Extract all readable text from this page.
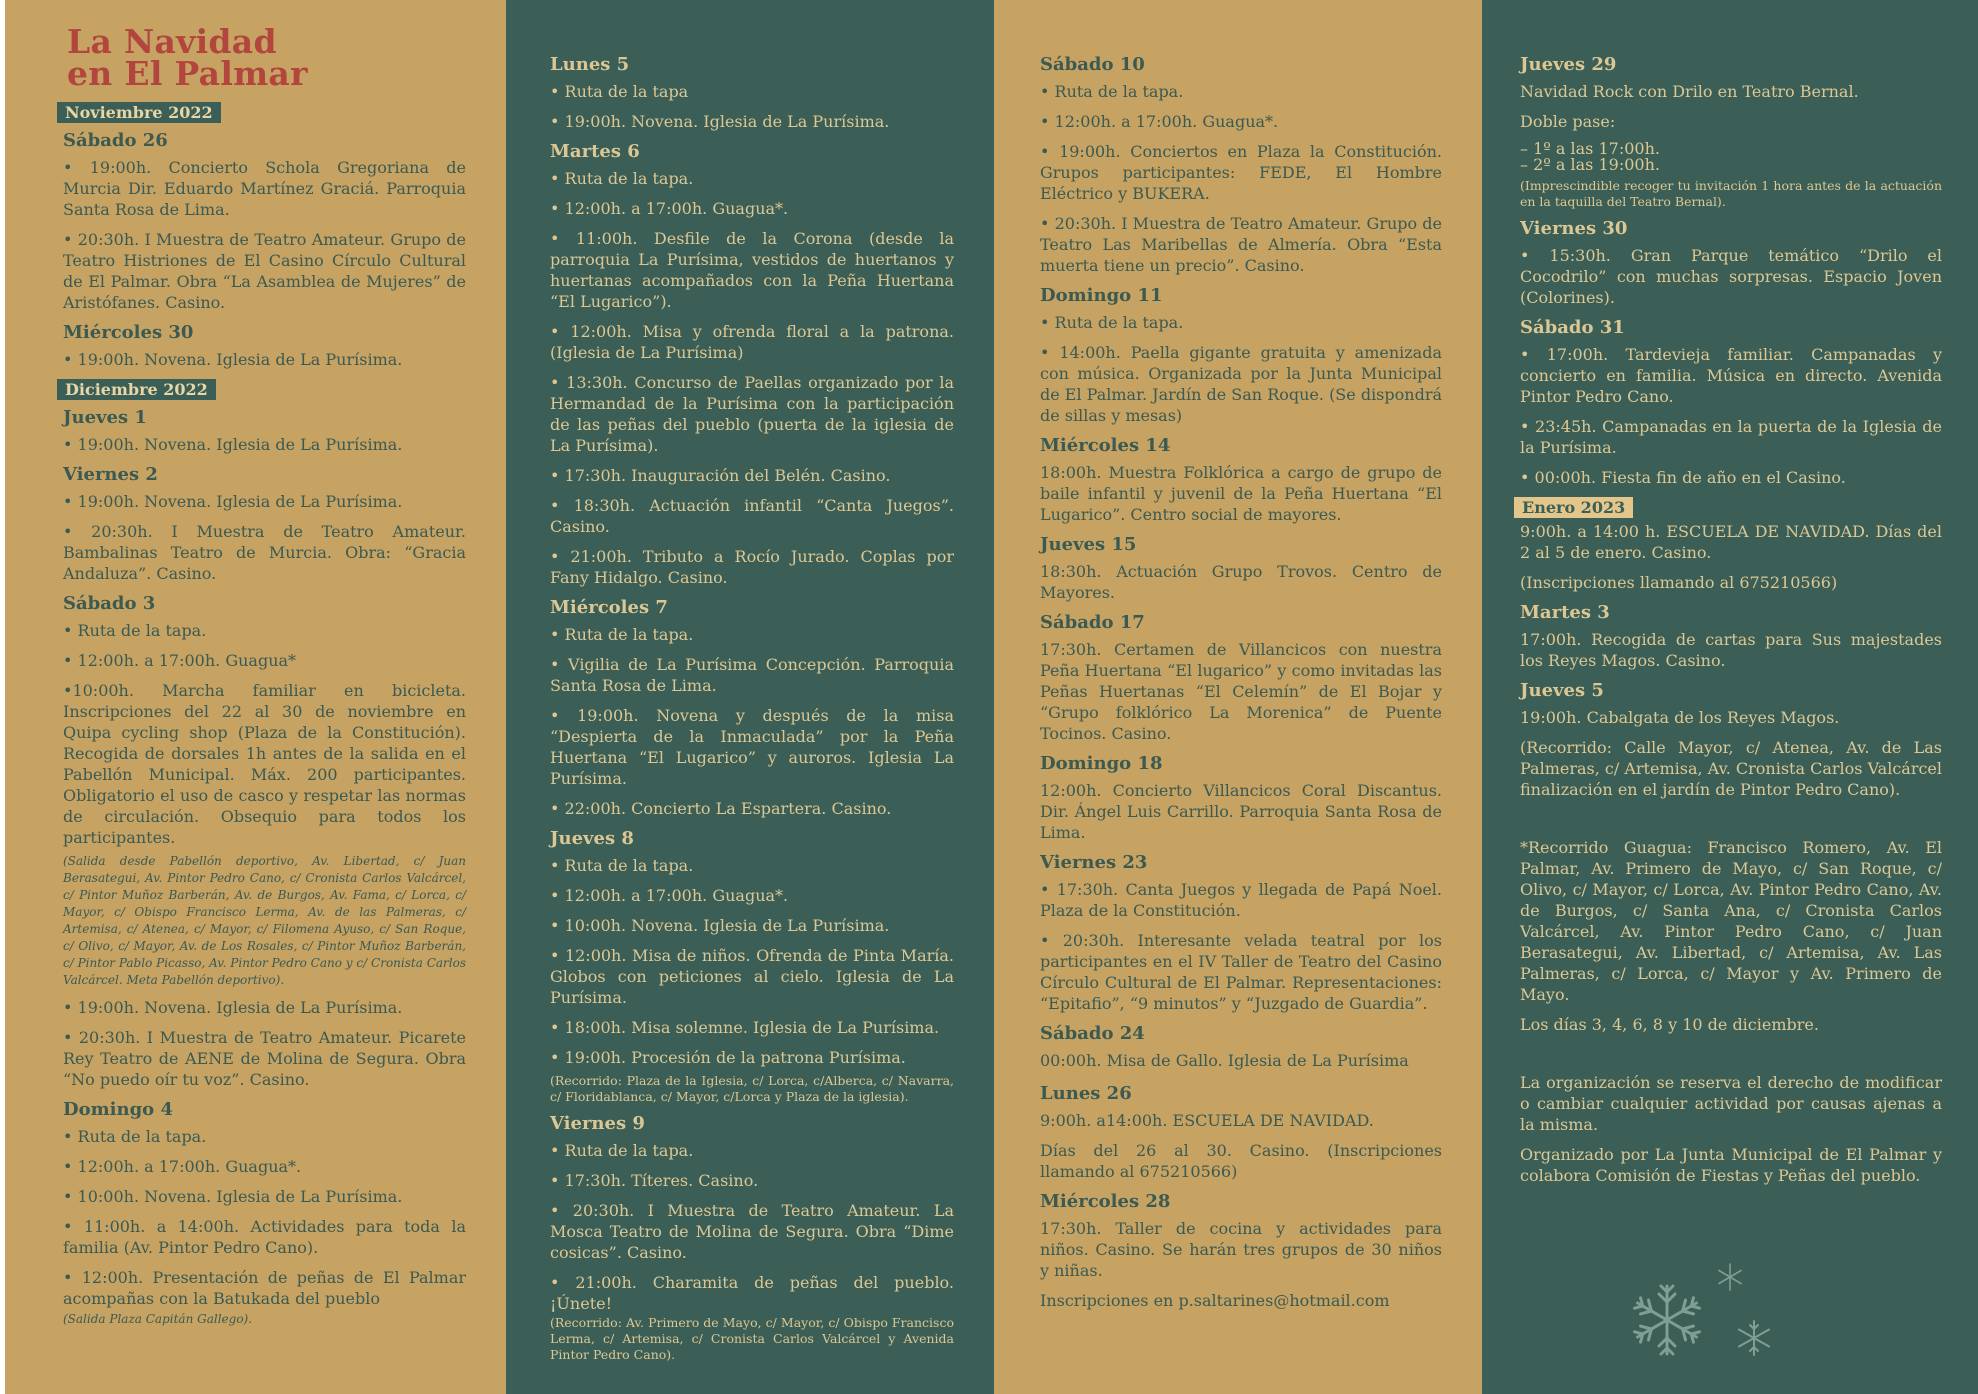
La Navidad
en El Palmar
Noviembre 2022
Sábado 26
• 19:00h. Concierto Schola Gregoriana de Murcia Dir. Eduardo Martínez Graciá. Parroquia Santa Rosa de Lima.
• 20:30h. I Muestra de Teatro Amateur. Grupo de Teatro Histriones de El Casino Círculo Cultural de El Palmar. Obra “La Asamblea de Mujeres” de Aristófanes. Casino.
Miércoles 30
• 19:00h. Novena. Iglesia de La Purísima.
Diciembre 2022
Jueves 1
• 19:00h. Novena. Iglesia de La Purísima.
Viernes 2
• 19:00h. Novena. Iglesia de La Purísima.
• 20:30h. I Muestra de Teatro Amateur. Bambalinas Teatro de Murcia. Obra: “Gracia Andaluza”. Casino.
Sábado 3
• Ruta de la tapa.
• 12:00h. a 17:00h. Guagua*
•10:00h. Marcha familiar en bicicleta. Inscripciones del 22 al 30 de noviembre en Quipa cycling shop (Plaza de la Constitución). Recogida de dorsales 1h antes de la salida en el Pabellón Municipal. Máx. 200 participantes. Obligatorio el uso de casco y respetar las normas de circulación. Obsequio para todos los participantes.
(Salida desde Pabellón deportivo, Av. Libertad, c/ Juan Berasategui, Av. Pintor Pedro Cano, c/ Cronista Carlos Valcárcel, c/ Pintor Muñoz Barberán, Av. de Burgos, Av. Fama, c/ Lorca, c/ Mayor, c/ Obispo Francisco Lerma, Av. de las Palmeras, c/ Artemisa, c/ Atenea, c/ Mayor, c/ Filomena Ayuso, c/ San Roque, c/ Olivo, c/ Mayor, Av. de Los Rosales, c/ Pintor Muñoz Barberán, c/ Pintor Pablo Picasso, Av. Pintor Pedro Cano y c/ Cronista Carlos Valcárcel. Meta Pabellón deportivo).
• 19:00h. Novena. Iglesia de La Purísima.
• 20:30h. I Muestra de Teatro Amateur. Picarete Rey Teatro de AENE de Molina de Segura. Obra “No puedo oír tu voz”. Casino.
Domingo 4
• Ruta de la tapa.
• 12:00h. a 17:00h. Guagua*.
• 10:00h. Novena. Iglesia de La Purísima.
• 11:00h. a 14:00h. Actividades para toda la familia (Av. Pintor Pedro Cano).
• 12:00h. Presentación de peñas de El Palmar acompañas con la Batukada del pueblo
(Salida Plaza Capitán Gallego).
Lunes 5
• Ruta de la tapa
• 19:00h. Novena. Iglesia de La Purísima.
Martes 6
• Ruta de la tapa.
• 12:00h. a 17:00h. Guagua*.
• 11:00h. Desfile de la Corona (desde la parroquia La Purísima, vestidos de huertanos y huertanas acompañados con la Peña Huertana “El Lugarico”).
• 12:00h. Misa y ofrenda floral a la patrona. (Iglesia de La Purísima)
• 13:30h. Concurso de Paellas organizado por la Hermandad de la Purísima con la participación de las peñas del pueblo (puerta de la iglesia de La Purísima).
• 17:30h. Inauguración del Belén. Casino.
• 18:30h. Actuación infantil “Canta Juegos”. Casino.
• 21:00h. Tributo a Rocío Jurado. Coplas por Fany Hidalgo. Casino.
Miércoles 7
• Ruta de la tapa.
• Vigilia de La Purísima Concepción. Parroquia Santa Rosa de Lima.
• 19:00h. Novena y después de la misa “Despierta de la Inmaculada” por la Peña Huertana “El Lugarico” y auroros. Iglesia La Purísima.
• 22:00h. Concierto La Espartera. Casino.
Jueves 8
• Ruta de la tapa.
• 12:00h. a 17:00h. Guagua*.
• 10:00h. Novena. Iglesia de La Purísima.
• 12:00h. Misa de niños. Ofrenda de Pinta María. Globos con peticiones al cielo. Iglesia de La Purísima.
• 18:00h. Misa solemne. Iglesia de La Purísima.
• 19:00h. Procesión de la patrona Purísima.
(Recorrido: Plaza de la Iglesia, c/ Lorca, c/Alberca, c/ Navarra, c/ Floridablanca, c/ Mayor, c/Lorca y Plaza de la iglesia).
Viernes 9
• Ruta de la tapa.
• 17:30h. Títeres. Casino.
• 20:30h. I Muestra de Teatro Amateur. La Mosca Teatro de Molina de Segura. Obra “Dime cosicas”. Casino.
• 21:00h. Charamita de peñas del pueblo. ¡Únete!
(Recorrido: Av. Primero de Mayo, c/ Mayor, c/ Obispo Francisco Lerma, c/ Artemisa, c/ Cronista Carlos Valcárcel y Avenida Pintor Pedro Cano).
Sábado 10
• Ruta de la tapa.
• 12:00h. a 17:00h. Guagua*.
• 19:00h. Conciertos en Plaza la Constitución. Grupos participantes: FEDE, El Hombre Eléctrico y BUKERA.
• 20:30h. I Muestra de Teatro Amateur. Grupo de Teatro Las Maribellas de Almería. Obra “Esta muerta tiene un precio”. Casino.
Domingo 11
• Ruta de la tapa.
• 14:00h. Paella gigante gratuita y amenizada con música. Organizada por la Junta Municipal de El Palmar. Jardín de San Roque. (Se dispondrá de sillas y mesas)
Miércoles 14
18:00h. Muestra Folklórica a cargo de grupo de baile infantil y juvenil de la Peña Huertana “El Lugarico”. Centro social de mayores.
Jueves 15
18:30h. Actuación Grupo Trovos. Centro de Mayores.
Sábado 17
17:30h. Certamen de Villancicos con nuestra Peña Huertana “El lugarico” y como invitadas las Peñas Huertanas “El Celemín” de El Bojar y “Grupo folklórico La Morenica” de Puente Tocinos. Casino.
Domingo 18
12:00h. Concierto Villancicos Coral Discantus. Dir. Ángel Luis Carrillo. Parroquia Santa Rosa de Lima.
Viernes 23
• 17:30h. Canta Juegos y llegada de Papá Noel. Plaza de la Constitución.
• 20:30h. Interesante velada teatral por los participantes en el IV Taller de Teatro del Casino Círculo Cultural de El Palmar. Representaciones: “Epitafio”, “9 minutos” y “Juzgado de Guardia”.
Sábado 24
00:00h. Misa de Gallo. Iglesia de La Purísima
Lunes 26
9:00h. a14:00h. ESCUELA DE NAVIDAD.
Días del 26 al 30. Casino. (Inscripciones llamando al 675210566)
Miércoles 28
17:30h. Taller de cocina y actividades para niños. Casino. Se harán tres grupos de 30 niños y niñas.
Inscripciones en p.saltarines@hotmail.com
Jueves 29
Navidad Rock con Drilo en Teatro Bernal.
Doble pase:
– 1º a las 17:00h.
– 2º a las 19:00h.
(Imprescindible recoger tu invitación 1 hora antes de la actuación en la taquilla del Teatro Bernal).
Viernes 30
• 15:30h. Gran Parque temático “Drilo el Cocodrilo” con muchas sorpresas. Espacio Joven (Colorines).
Sábado 31
• 17:00h. Tardevieja familiar. Campanadas y concierto en familia. Música en directo. Avenida Pintor Pedro Cano.
• 23:45h. Campanadas en la puerta de la Iglesia de la Purísima.
• 00:00h. Fiesta fin de año en el Casino.
Enero 2023
9:00h. a 14:00 h. ESCUELA DE NAVIDAD. Días del 2 al 5 de enero. Casino.
(Inscripciones llamando al 675210566)
Martes 3
17:00h. Recogida de cartas para Sus majestades los Reyes Magos. Casino.
Jueves 5
19:00h. Cabalgata de los Reyes Magos.
(Recorrido: Calle Mayor, c/ Atenea, Av. de Las Palmeras, c/ Artemisa, Av. Cronista Carlos Valcárcel finalización en el jardín de Pintor Pedro Cano).
*Recorrido Guagua: Francisco Romero, Av. El Palmar, Av. Primero de Mayo, c/ San Roque, c/ Olivo, c/ Mayor, c/ Lorca, Av. Pintor Pedro Cano, Av. de Burgos, c/ Santa Ana, c/ Cronista Carlos Valcárcel, Av. Pintor Pedro Cano, c/ Juan Berasategui, Av. Libertad, c/ Artemisa, Av. Las Palmeras, c/ Lorca, c/ Mayor y Av. Primero de Mayo.
Los días 3, 4, 6, 8 y 10 de diciembre.
La organización se reserva el derecho de modificar o cambiar cualquier actividad por causas ajenas a la misma.
Organizado por La Junta Municipal de El Palmar y colabora Comisión de Fiestas y Peñas del pueblo.
